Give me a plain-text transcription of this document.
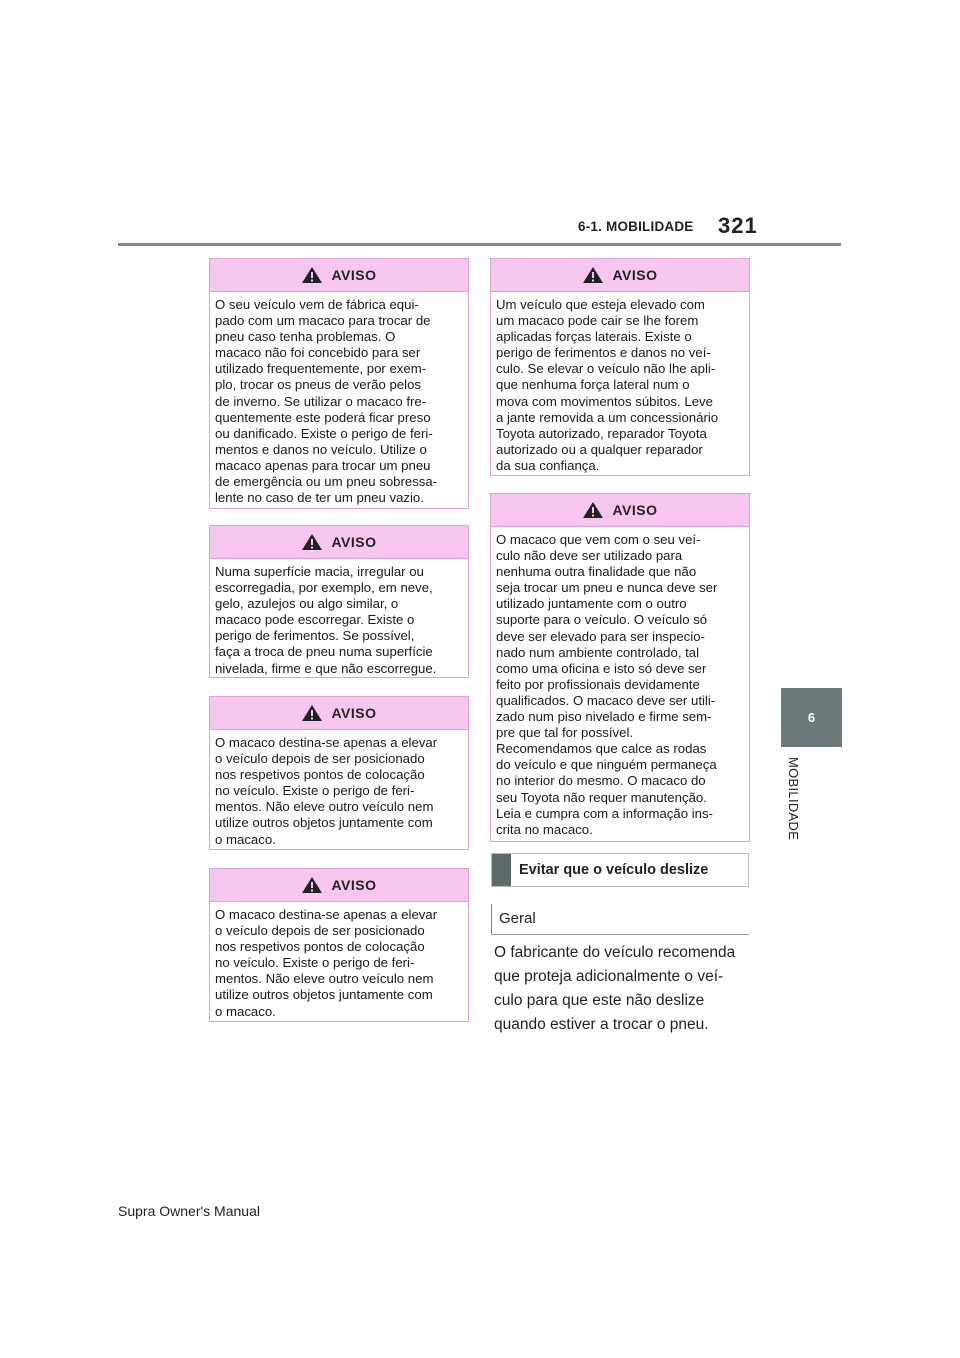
6-1. MOBILIDADE 321
6
MOBILIDADE
AVISO
O seu veículo vem de fábrica equi-
pado com um macaco para trocar de
pneu caso tenha problemas. O
macaco não foi concebido para ser
utilizado frequentemente, por exem-
plo, trocar os pneus de verão pelos
de inverno. Se utilizar o macaco fre-
quentemente este poderá ficar preso
ou danificado. Existe o perigo de feri-
mentos e danos no veículo. Utilize o
macaco apenas para trocar um pneu
de emergência ou um pneu sobressa-
lente no caso de ter um pneu vazio.
AVISO
Numa superfície macia, irregular ou
escorregadia, por exemplo, em neve,
gelo, azulejos ou algo similar, o
macaco pode escorregar. Existe o
perigo de ferimentos. Se possível,
faça a troca de pneu numa superfície
nivelada, firme e que não escorregue.
AVISO
O macaco destina-se apenas a elevar
o veículo depois de ser posicionado
nos respetivos pontos de colocação
no veículo. Existe o perigo de feri-
mentos. Não eleve outro veículo nem
utilize outros objetos juntamente com
o macaco.
AVISO
O macaco destina-se apenas a elevar
o veículo depois de ser posicionado
nos respetivos pontos de colocação
no veículo. Existe o perigo de feri-
mentos. Não eleve outro veículo nem
utilize outros objetos juntamente com
o macaco.
AVISO
Um veículo que esteja elevado com
um macaco pode cair se lhe forem
aplicadas forças laterais. Existe o
perigo de ferimentos e danos no veí-
culo. Se elevar o veículo não lhe apli-
que nenhuma força lateral num o
mova com movimentos súbitos. Leve
a jante removida a um concessionário
Toyota autorizado, reparador Toyota
autorizado ou a qualquer reparador
da sua confiança.
AVISO
O macaco que vem com o seu veí-
culo não deve ser utilizado para
nenhuma outra finalidade que não
seja trocar um pneu e nunca deve ser
utilizado juntamente com o outro
suporte para o veículo. O veículo só
deve ser elevado para ser inspecio-
nado num ambiente controlado, tal
como uma oficina e isto só deve ser
feito por profissionais devidamente
qualificados. O macaco deve ser utili-
zado num piso nivelado e firme sem-
pre que tal for possível.
Recomendamos que calce as rodas
do veículo e que ninguém permaneça
no interior do mesmo. O macaco do
seu Toyota não requer manutenção.
Leia e cumpra com a informação ins-
crita no macaco.
Evitar que o veículo deslize
Geral
O fabricante do veículo recomenda
que proteja adicionalmente o veí-
culo para que este não deslize
quando estiver a trocar o pneu.
Supra Owner's Manual
